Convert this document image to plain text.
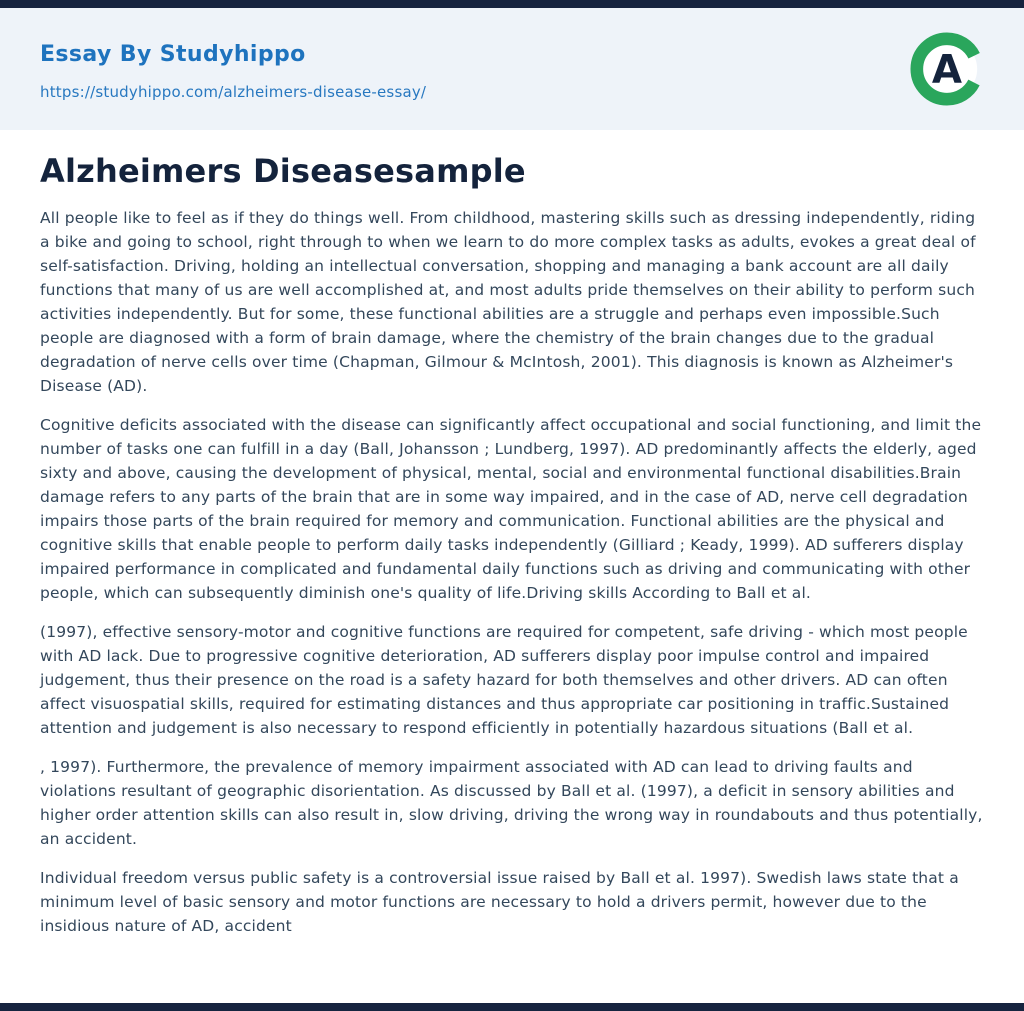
Essay By Studyhippo
https://studyhippo.com/alzheimers-disease-essay/	A
Alzheimers Diseasesample

All people like to feel as if they do things well. From childhood, mastering skills such as dressing independently, riding a bike and going to school, right through to when we learn to do more complex tasks as adults, evokes a great deal of self-satisfaction. Driving, holding an intellectual conversation, shopping and managing a bank account are all daily functions that many of us are well accomplished at, and most adults pride themselves on their ability to perform such activities independently. But for some, these functional abilities are a struggle and perhaps even impossible.Such people are diagnosed with a form of brain damage, where the chemistry of the brain changes due to the gradual degradation of nerve cells over time (Chapman, Gilmour & McIntosh, 2001). This diagnosis is known as Alzheimer's Disease (AD).

Cognitive deficits associated with the disease can significantly affect occupational and social functioning, and limit the number of tasks one can fulfill in a day (Ball, Johansson ; Lundberg, 1997). AD predominantly affects the elderly, aged sixty and above, causing the development of physical, mental, social and environmental functional disabilities.Brain damage refers to any parts of the brain that are in some way impaired, and in the case of AD, nerve cell degradation impairs those parts of the brain required for memory and communication. Functional abilities are the physical and cognitive skills that enable people to perform daily tasks independently (Gilliard ; Keady, 1999). AD sufferers display impaired performance in complicated and fundamental daily functions such as driving and communicating with other people, which can subsequently diminish one's quality of life.Driving skills According to Ball et al.

(1997), effective sensory-motor and cognitive functions are required for competent, safe driving - which most people with AD lack. Due to progressive cognitive deterioration, AD sufferers display poor impulse control and impaired judgement, thus their presence on the road is a safety hazard for both themselves and other drivers. AD can often affect visuospatial skills, required for estimating distances and thus appropriate car positioning in traffic.Sustained attention and judgement is also necessary to respond efficiently in potentially hazardous situations (Ball et al.

, 1997). Furthermore, the prevalence of memory impairment associated with AD can lead to driving faults and violations resultant of geographic disorientation. As discussed by Ball et al. (1997), a deficit in sensory abilities and higher order attention skills can also result in, slow driving, driving the wrong way in roundabouts and thus potentially, an accident.

Individual freedom versus public safety is a controversial issue raised by Ball et al. 1997). Swedish laws state that a minimum level of basic sensory and motor functions are necessary to hold a drivers permit, however due to the insidious nature of AD, accident
